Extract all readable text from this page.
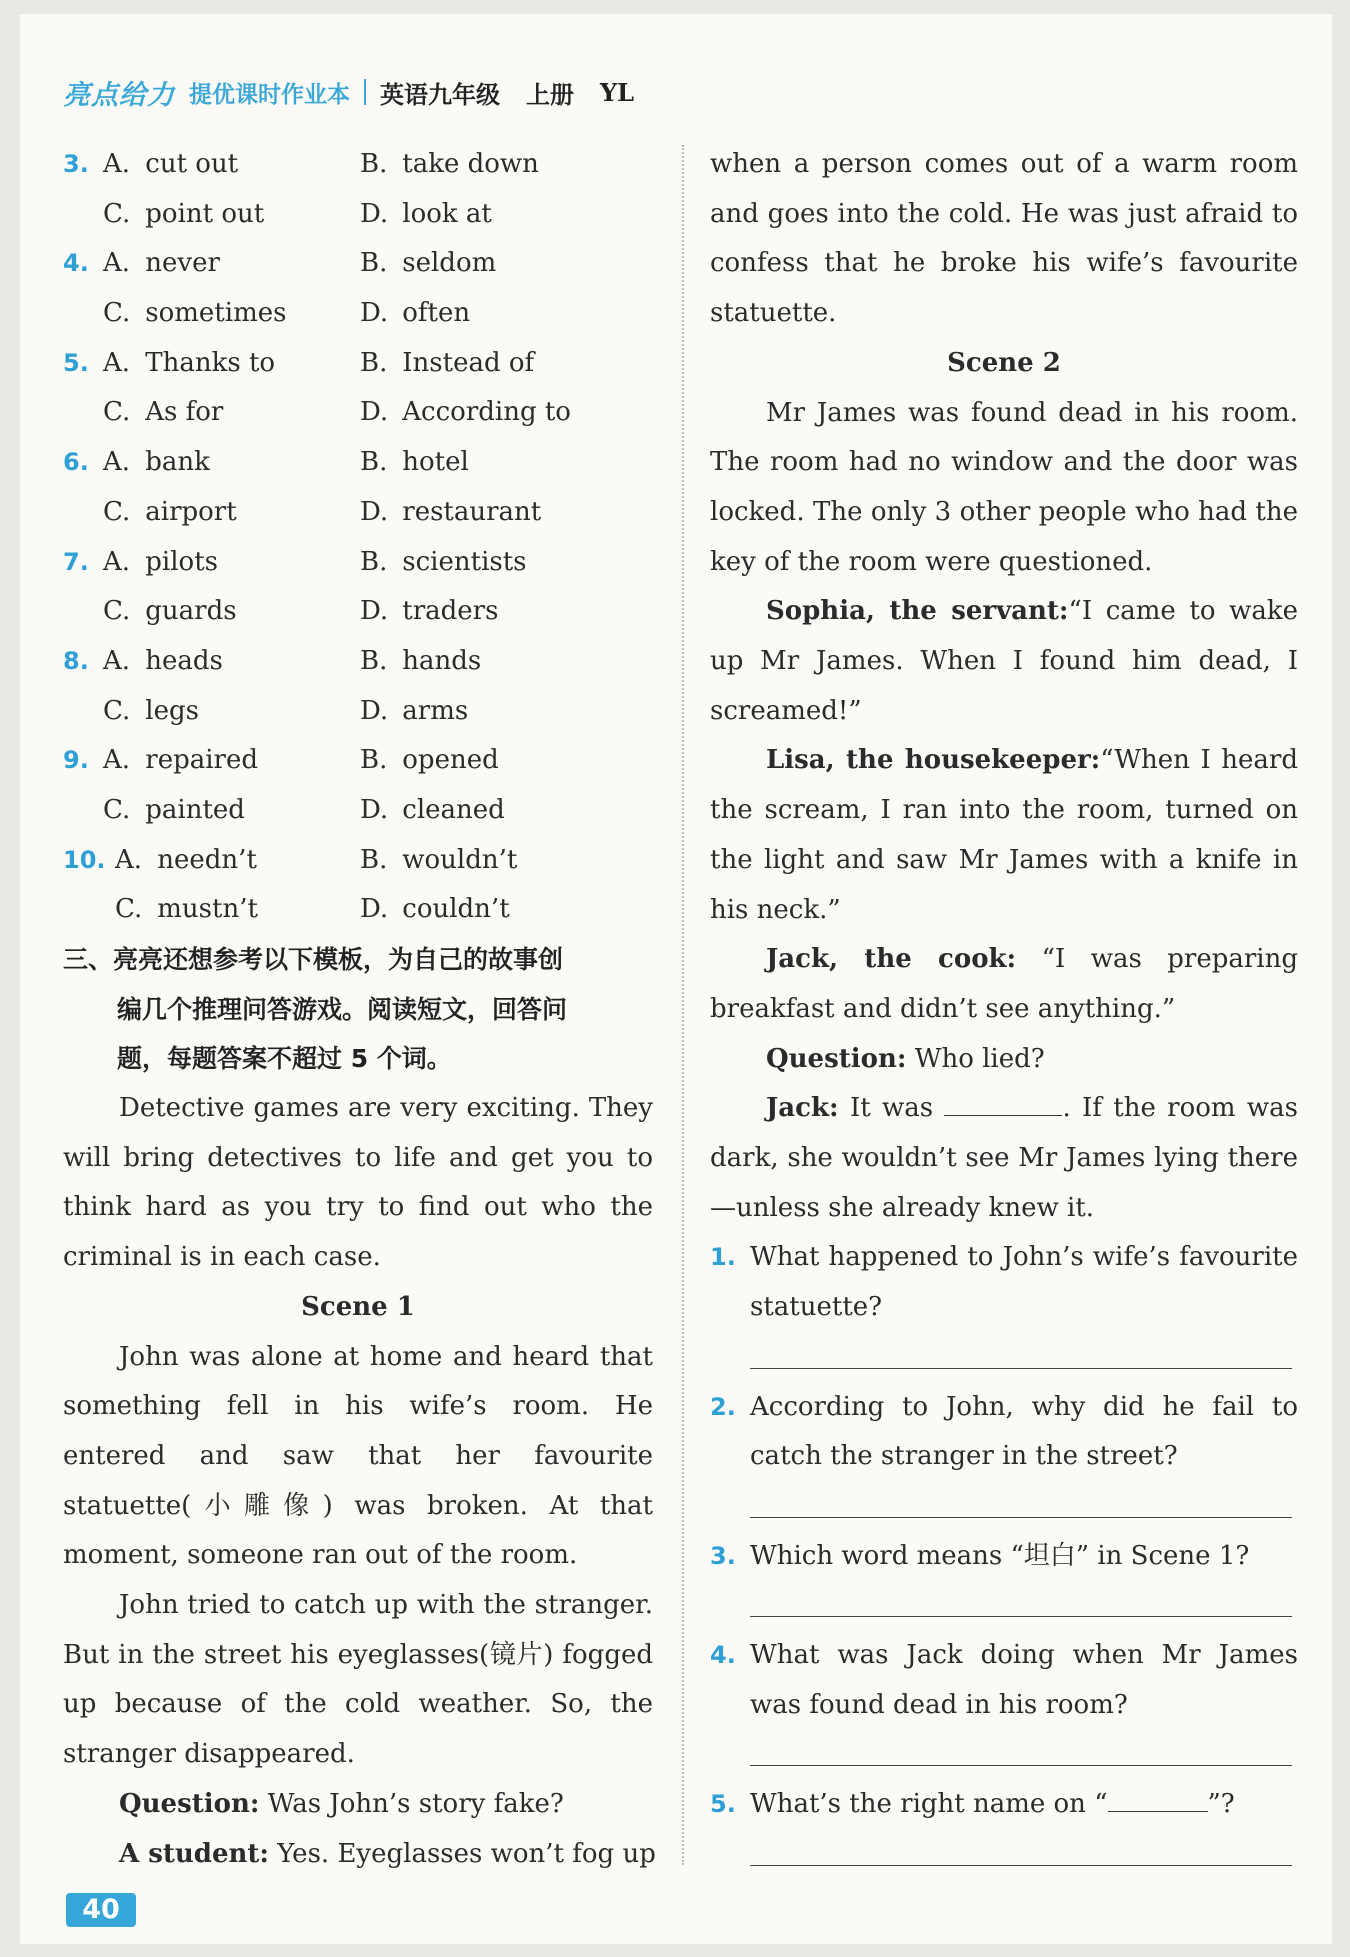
亮点给力 提优课时作业本 英语九年级 上册 YL
3. A. cut out	B. take down
C. point out	D. look at
4. A. never	B. seldom
C. sometimes	D. often
5. A. Thanks to	B. Instead of
C. As for	D. According to
6. A. bank	B. hotel
C. airport	D. restaurant
7. A. pilots	B. scientists
C. guards	D. traders
8. A. heads	B. hands
C. legs	D. arms
9. A. repaired	B. opened
C. painted	D. cleaned
10. A. needn’t	B. wouldn’t
C. mustn’t	D. couldn’t
三、亮亮还想参考以下模板，为自己的故事创
编几个推理问答游戏。阅读短文，回答问
题，每题答案不超过 5 个词。

Detective games are very exciting. They will bring detectives to life and get you to think hard as you try to find out who the criminal is in each case.

Scene 1

John was alone at home and heard that something fell in his wife’s room. He entered and saw that her favourite statuette(小雕像) was broken. At that moment, someone ran out of the room.

John tried to catch up with the stranger. But in the street his eyeglasses(镜片) fogged up because of the cold weather. So, the stranger disappeared.

Question: Was John’s story fake?

A student: Yes. Eyeglasses won’t fog up

when a person comes out of a warm room and goes into the cold. He was just afraid to confess that he broke his wife’s favourite statuette.

Scene 2

Mr James was found dead in his room. The room had no window and the door was locked. The only 3 other people who had the key of the room were questioned.

Sophia, the servant:“I came to wake up Mr James. When I found him dead, I screamed!”

Lisa, the housekeeper:“When I heard the scream, I ran into the room, turned on the light and saw Mr James with a knife in his neck.”

Jack, the cook: “I was preparing breakfast and didn’t see anything.”

Question: Who lied?

Jack: It was	. If the room was dark, she wouldn’t see Mr James lying there—unless she already knew it.

1. What happened to John’s wife’s favourite statuette?
2. According to John, why did he fail to catch the stranger in the street?
3. Which word means “坦白” in Scene 1?
4. What was Jack doing when Mr James was found dead in his room?
5. What’s the right name on “	”?
40
